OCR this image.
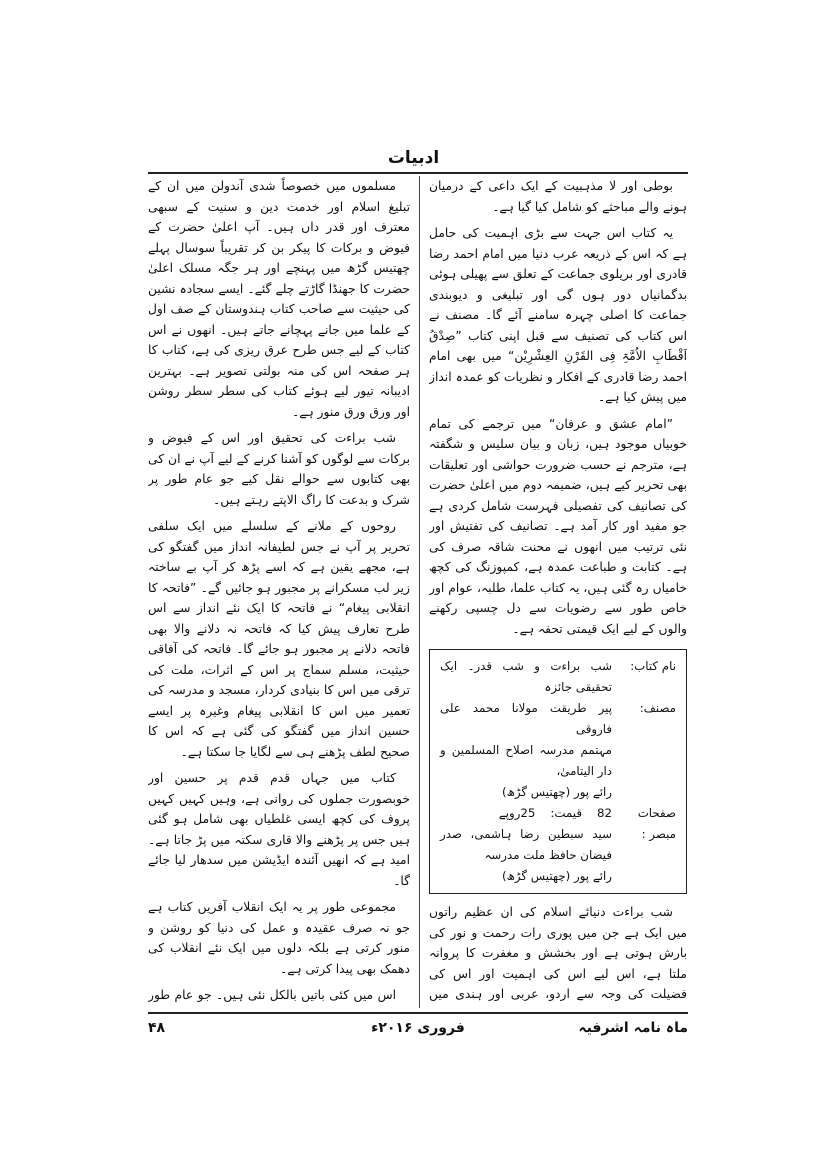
ادبیات

بوطی اور لا مذہبیت کے ایک داعی کے درمیان ہونے والے مباحثے کو شامل کیا گیا ہے۔

یہ کتاب اس جہت سے بڑی اہمیت کی حامل ہے کہ اس کے ذریعہ عرب دنیا میں امام احمد رضا قادری اور بریلوی جماعت کے تعلق سے پھیلی ہوئی بدگمانیاں دور ہوں گی اور تبلیغی و دیوبندی جماعت کا اصلی چہرہ سامنے آئے گا۔ مصنف نے اس کتاب کی تصنیف سے قبل اپنی کتاب ”صِدْقُ اَقْطَابِ الاُمَّۃِ فِی القَرْنِ العِشْرِیْن“ میں بھی امام احمد رضا قادری کے افکار و نظریات کو عمدہ انداز میں پیش کیا ہے۔

”امام عشق و عرفان“ میں ترجمے کی تمام خوبیاں موجود ہیں، زبان و بیان سلیس و شگفتہ ہے، مترجم نے حسب ضرورت حواشی اور تعلیقات بھی تحریر کیے ہیں، ضمیمہ دوم میں اعلیٰ حضرت کی تصانیف کی تفصیلی فہرست شامل کردی ہے جو مفید اور کار آمد ہے۔ تصانیف کی تفتیش اور نئی ترتیب میں انھوں نے محنت شاقہ صرف کی ہے۔ کتابت و طباعت عمدہ ہے، کمپوزنگ کی کچھ خامیاں رہ گئی ہیں، یہ کتاب علما، طلبہ، عوام اور خاص طور سے رضویات سے دل چسپی رکھنے والوں کے لیے ایک قیمتی تحفہ ہے۔

نام کتاب:
شب براءت و شب قدر۔ ایک تحقیقی جائزہ
مصنف:
پیر طریقت مولانا محمد علی فاروقی
مہتمم مدرسہ اصلاح المسلمین و دار الیتامیٰ،
رائے پور (چھتیس گڑھ)
صفحات
82    قیمت:    25روپے
مبصر :
سید سبطین رضا ہاشمی، صدر فیضان حافظ ملت مدرسہ
رائے پور (چھتیس گڑھ)

شب براءت دنیائے اسلام کی ان عظیم راتوں میں ایک ہے جن میں پوری رات رحمت و نور کی بارش ہوتی ہے اور بخشش و مغفرت کا پروانہ ملتا ہے، اس لیے اس کی اہمیت اور اس کی فضیلت کی وجہ سے اردو، عربی اور ہندی میں

مسلموں میں خصوصاً شدی آندولن میں ان کے تبلیغ اسلام اور خدمت دین و سنیت کے سبھی معترف اور قدر داں ہیں۔ آپ اعلیٰ حضرت کے فیوض و برکات کا پیکر بن کر تقریباً سوسال پہلے چھتیس گڑھ میں پہنچے اور ہر جگہ مسلک اعلیٰ حضرت کا جھنڈا گاڑتے چلے گئے۔ ایسے سجادہ نشین کی حیثیت سے صاحب کتاب ہندوستان کے صف اول کے علما میں جانے پہچانے جاتے ہیں۔ انھوں نے اس کتاب کے لیے جس طرح عرق ریزی کی ہے، کتاب کا ہر صفحہ اس کی منہ بولتی تصویر ہے۔ بہترین ادیبانہ تیور لیے ہوئے کتاب کی سطر سطر روشن اور ورق ورق منور ہے۔

شب براءت کی تحقیق اور اس کے فیوض و برکات سے لوگوں کو آشنا کرنے کے لیے آپ نے ان کی بھی کتابوں سے حوالے نقل کیے جو عام طور پر شرک و بدعت کا راگ الاپتے رہتے ہیں۔

روحوں کے ملانے کے سلسلے میں ایک سلفی تحریر پر آپ نے جس لطیفانہ انداز میں گفتگو کی ہے، مجھے یقین ہے کہ اسے پڑھ کر آپ بے ساختہ زیر لب مسکرانے پر مجبور ہو جائیں گے۔ ”فاتحہ کا انقلابی پیغام“ نے فاتحہ کا ایک نئے انداز سے اس طرح تعارف پیش کیا کہ فاتحہ نہ دلانے والا بھی فاتحہ دلانے پر مجبور ہو جائے گا۔ فاتحہ کی آفاقی حیثیت، مسلم سماج پر اس کے اثرات، ملت کی ترقی میں اس کا بنیادی کردار، مسجد و مدرسہ کی تعمیر میں اس کا انقلابی پیغام وغیرہ پر ایسے حسین انداز میں گفتگو کی گئی ہے کہ اس کا صحیح لطف پڑھنے ہی سے لگایا جا سکتا ہے۔

کتاب میں جہاں قدم قدم پر حسین اور خوبصورت جملوں کی روانی ہے، وہیں کہیں کہیں پروف کی کچھ ایسی غلطیاں بھی شامل ہو گئی ہیں جس پر پڑھنے والا قاری سکتہ میں پڑ جاتا ہے۔ امید ہے کہ انھیں آئندہ ایڈیشن میں سدھار لیا جائے گا۔

مجموعی طور پر یہ ایک انقلاب آفریں کتاب ہے جو نہ صرف عقیدہ و عمل کی دنیا کو روشن و منور کرتی ہے بلکہ دلوں میں ایک نئے انقلاب کی دھمک بھی پیدا کرتی ہے۔

اس میں کئی باتیں بالکل نئی ہیں۔ جو عام طور

ماہ نامہ اشرفیہ
فروری ۲۰۱۶ء
۴۸
